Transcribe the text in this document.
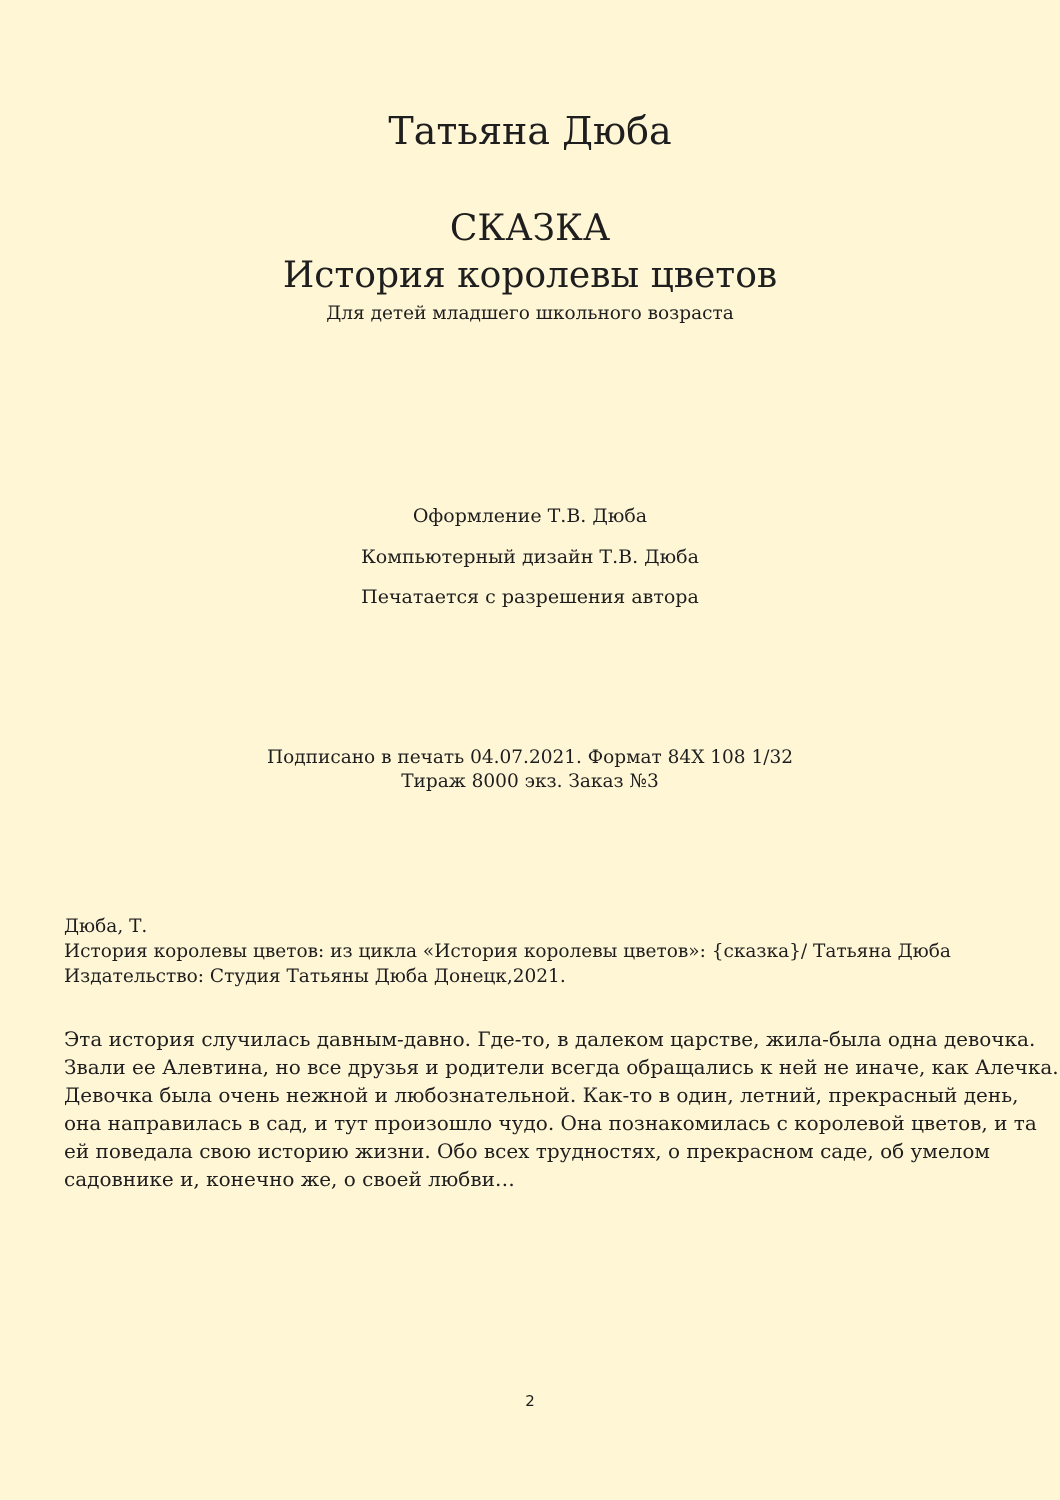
Татьяна Дюба
СКАЗКА
История королевы цветов
Для детей младшего школьного возраста
Оформление Т.В. Дюба
Компьютерный дизайн Т.В. Дюба
Печатается с разрешения автора
Подписано в печать 04.07.2021. Формат 84Х 108 1/32
Тираж 8000 экз. Заказ №3
Дюба, Т.
История королевы цветов: из цикла «История королевы цветов»: {сказка}/ Татьяна Дюба
Издательство: Студия Татьяны Дюба Донецк,2021.
Эта история случилась давным-давно. Где-то, в далеком царстве, жила-была одна девочка.
Звали ее Алевтина, но все друзья и родители всегда обращались к ней не иначе, как Алечка.
Девочка была очень нежной и любознательной. Как-то в один, летний, прекрасный день,
она направилась в сад, и тут произошло чудо. Она познакомилась с королевой цветов, и та
ей поведала свою историю жизни. Обо всех трудностях, о прекрасном саде, об умелом
садовнике и, конечно же, о своей любви…
2
